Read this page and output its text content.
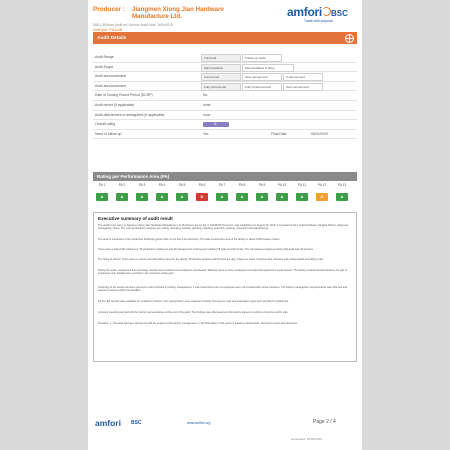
Producer : Jiangmen Xiong Jian Hardware Manufacture Ltd.
DBID: 390xxxx Audit ref: 1xxxxxx Audit Date: 2x/0x/2018
Audit type: Full Audit
amfori BSC
Trade with purpose
Audit Details
Audit Range	Full Audit	Follow-up Audit
Audit Scope	Main Facilities	Main Facilities & Sites
Audit announcement	Announced	Semi-announced	Unannounced
Audit announcement	Fully Announced	Fully Unannounced	Semi Announced
Date of Closing Round Period (DCRP)	No
Audit record (if applicable)	none
Audit deficiencies or ambiguities (if applicable)	none
Overall rating	C
Need of follow-up	Yes	Final Date	05/01/2020
Rating per Performance Area (PA)
PA 1
A
PA 2
A
PA 3
A
PA 4
A
PA 5
A
PA 6
D
PA 7
A
PA 8
A
PA 9
A
PA 10
A
PA 11
A
PA 12
C
PA 13
A
Executive summary of audit result
The audited site name is Jiangmen Xiong Jian Hardware Manufacture Ltd. Business License No. is 914407047xxxxxxxx, was established on August 15, 2013. It is located at No.1 Industrial Road, Jianghai District, Jiangmen, Guangdong, China. The main production processes are cutting, stamping, welding, grinding, polishing, assembly, packing, inspection and warehousing.
The audit is conducted in the production buildings (ground floor to top floor) and dormitory. The total construction area of the factory is about 9,000 square meters.
There were a total of 96 employees (76 production employees and 20 management employees) including 52 male and 44 female. The interviewed employees during this audit was 18 persons.
The hiring of minors: There were no minors and child labour found in the factory. Production workers work 8 hours per day, 6 days per week. Overtime was voluntary and compensated according to law.
During the audit, employment files and wage records were reviewed and employees interviewed. Working hours of some employees exceeded the legal limit in peak season. The factory provided social insurance for part of employees only. Details were recorded in the corrective action plan.
According to the social insurance payment record provided by factory management, it was noted that a part of employees were not provided with social insurance. The factory management representative was informed and agreed to improve within the deadline.
No fire drill records were available for production workers. Fire extinguishers were inspected monthly. Emergency exits and evacuation signs were provided in workshops.
A closing meeting was held with the factory representatives at the end of the audit. The findings were discussed and the factory agreed to submit a corrective action plan.
Remarks: 1. The audit has been carried out with the support of the factory management. 2. All information in this report is based on observation, document review and interviews.
amfori BSC	www.amfori.org	Page 2 / 4
Generated: 15/01/2019
